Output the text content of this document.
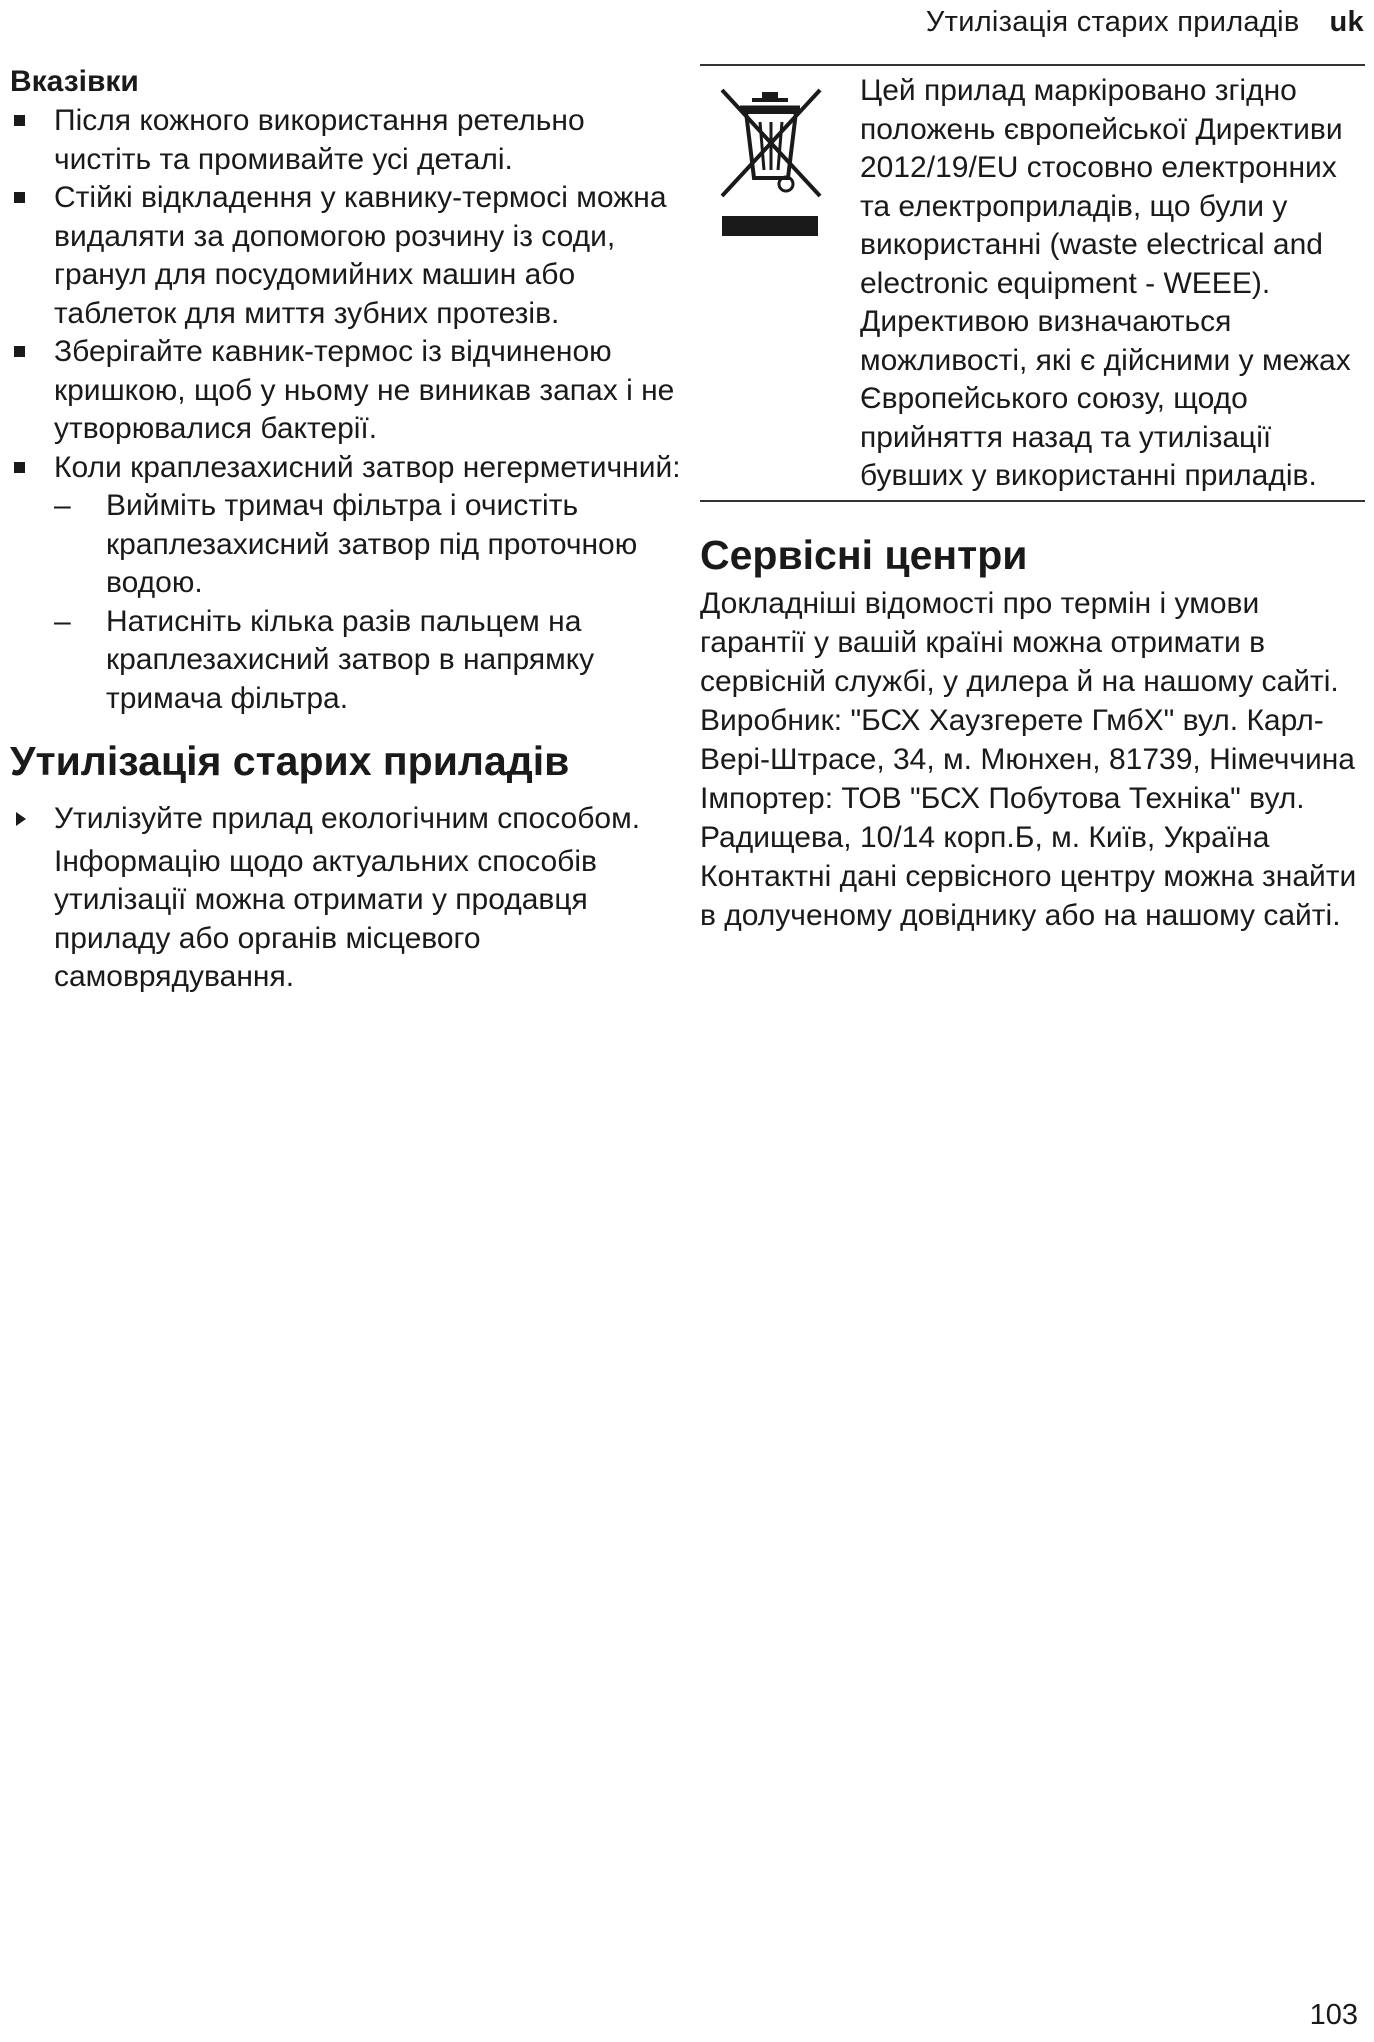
Утилізація старих приладів uk
Вказівки
Після кожного використання ретельно чистіть та промивайте усі деталі.
Стійкі відкладення у кавнику-термосі можна видаляти за допомогою розчину із соди, гранул для посудомийних машин або таблеток для миття зубних протезів.
Зберігайте кавник-термос із відчиненою кришкою, щоб у ньому не виникав запах і не утворювалися бактерії.
Коли краплезахисний затвор негерметичний:
– Вийміть тримач фільтра і очистіть краплезахисний затвор під проточною водою.
– Натисніть кілька разів пальцем на краплезахисний затвор в напрямку тримача фільтра.
Утилізація старих приладів
Утилізуйте прилад екологічним способом.

Інформацію щодо актуальних способів утилізації можна отримати у продавця приладу або органів місцевого самоврядування.

Цей прилад маркіровано згідно положень європейської Директиви 2012/19/EU стосовно електронних та електроприладів, що були у використанні (waste electrical and electronic equipment - WEEE). Директивою визначаються можливості, які є дійсними у межах Європейського союзу, щодо прийняття назад та утилізації бувших у використанні приладів.
Сервісні центри

Докладніші відомості про термін і умови гарантії у вашій країні можна отримати в сервісній службі, у дилера й на нашому сайті.

Виробник: "БСХ Хаузгерете ГмбХ" вул. Карл-Вері-Штрасе, 34, м. Мюнхен, 81739, Німеччина

Імпортер: ТОВ "БСХ Побутова Техніка" вул. Радищева, 10/14 корп.Б, м. Київ, Україна

Контактні дані сервісного центру можна знайти в долученому довіднику або на нашому сайті.

103
